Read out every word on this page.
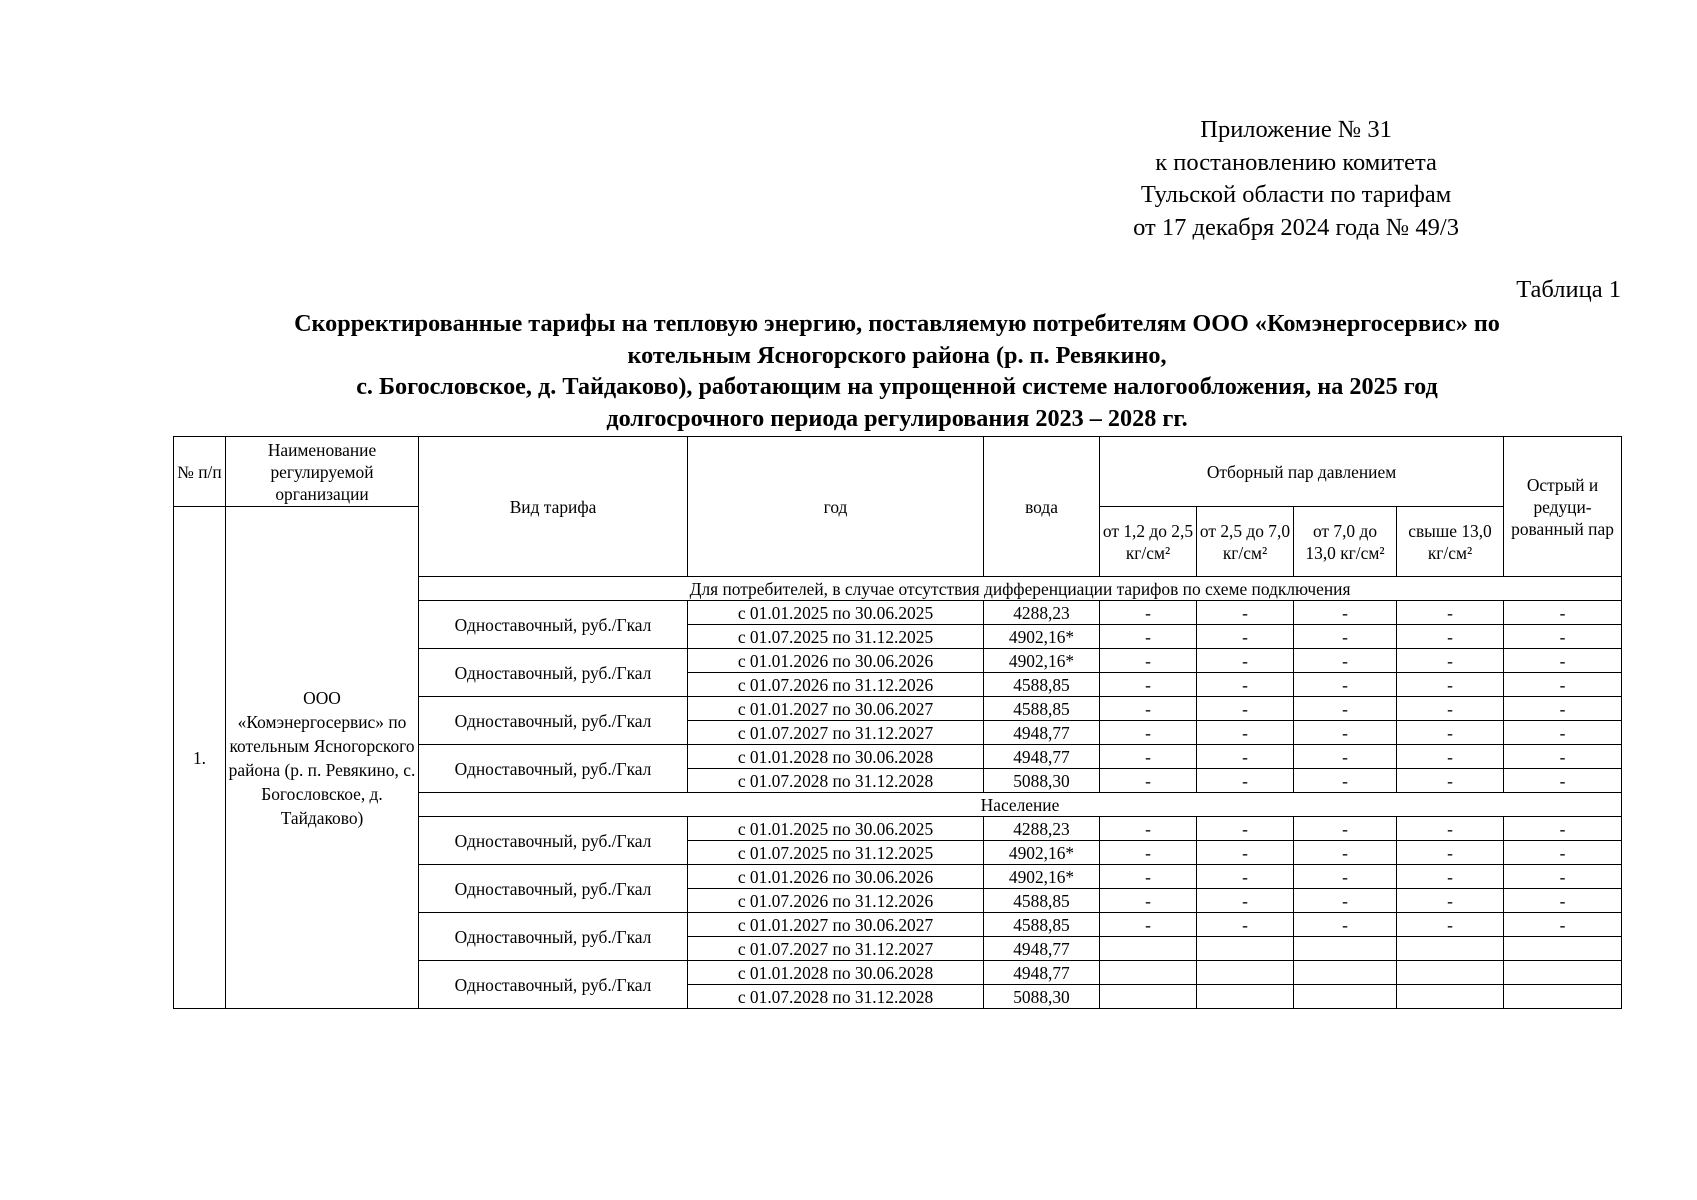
Приложение № 31
к постановлению комитета
Тульской области по тарифам
от 17 декабря 2024 года № 49/3
Таблица 1
Скорректированные тарифы на тепловую энергию, поставляемую потребителям ООО «Комэнергосервис» по
котельным Ясногорского района (р. п. Ревякино,
с. Богословское, д. Тайдаково), работающим на упрощенной системе налогообложения, на 2025 год
долгосрочного периода регулирования 2023 – 2028 гг.
№ п/п	Наименование регулируемой организации	Вид тарифа	год	вода	Отборный пар давлением				Острый и редуци-рованный пар
1.	ООО «Комэнергосервис» по котельным Ясногорского района (р. п. Ревякино, с. Богословское, д. Тайдаково)				от 1,2 до 2,5 кг/см²	от 2,5 до 7,0 кг/см²	от 7,0 до 13,0 кг/см²	свыше 13,0 кг/см²	
		Для потребителей, в случае отсутствия дифференциации тарифов по схеме подключения							
		Одноставочный, руб./Гкал	с 01.01.2025 по 30.06.2025	4288,23	-	-	-	-	-
			с 01.07.2025 по 31.12.2025	4902,16*	-	-	-	-	-
		Одноставочный, руб./Гкал	с 01.01.2026 по 30.06.2026	4902,16*	-	-	-	-	-
			с 01.07.2026 по 31.12.2026	4588,85	-	-	-	-	-
		Одноставочный, руб./Гкал	с 01.01.2027 по 30.06.2027	4588,85	-	-	-	-	-
			с 01.07.2027 по 31.12.2027	4948,77	-	-	-	-	-
		Одноставочный, руб./Гкал	с 01.01.2028 по 30.06.2028	4948,77	-	-	-	-	-
			с 01.07.2028 по 31.12.2028	5088,30	-	-	-	-	-
		Население							
		Одноставочный, руб./Гкал	с 01.01.2025 по 30.06.2025	4288,23	-	-	-	-	-
			с 01.07.2025 по 31.12.2025	4902,16*	-	-	-	-	-
		Одноставочный, руб./Гкал	с 01.01.2026 по 30.06.2026	4902,16*	-	-	-	-	-
			с 01.07.2026 по 31.12.2026	4588,85	-	-	-	-	-
		Одноставочный, руб./Гкал	с 01.01.2027 по 30.06.2027	4588,85	-	-	-	-	-
			с 01.07.2027 по 31.12.2027	4948,77					
		Одноставочный, руб./Гкал	с 01.01.2028 по 30.06.2028	4948,77					
			с 01.07.2028 по 31.12.2028	5088,30					
